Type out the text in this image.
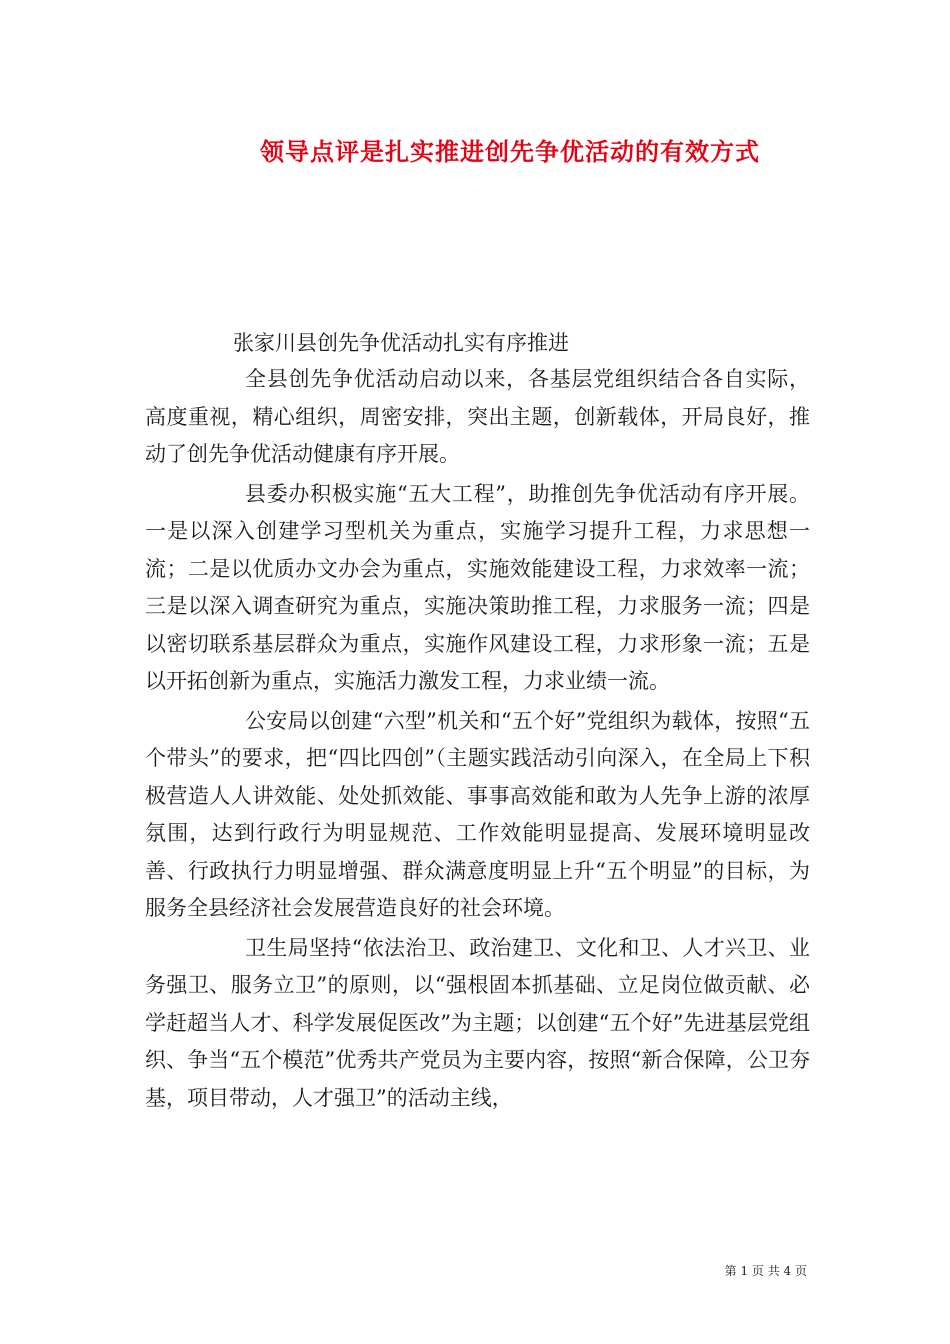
领导点评是扎实推进创先争优活动的有效方式
张家川县创先争优活动扎实有序推进

全县创先争优活动启动以来，各基层党组织结合各自实际，高度重视，精心组织，周密安排，突出主题，创新载体，开局良好，推动了创先争优活动健康有序开展。

县委办积极实施“五大工程”，助推创先争优活动有序开展。一是以深入创建学习型机关为重点，实施学习提升工程，力求思想一流；二是以优质办文办会为重点，实施效能建设工程，力求效率一流；三是以深入调查研究为重点，实施决策助推工程，力求服务一流；四是以密切联系基层群众为重点，实施作风建设工程，力求形象一流；五是以开拓创新为重点，实施活力激发工程，力求业绩一流。

公安局以创建“六型”机关和“五个好”党组织为载体，按照“五个带头”的要求，把“四比四创”（主题实践活动引向深入，在全局上下积极营造人人讲效能、处处抓效能、事事高效能和敢为人先争上游的浓厚氛围，达到行政行为明显规范、工作效能明显提高、发展环境明显改善、行政执行力明显增强、群众满意度明显上升“五个明显”的目标，为服务全县经济社会发展营造良好的社会环境。

卫生局坚持“依法治卫、政治建卫、文化和卫、人才兴卫、业务强卫、服务立卫”的原则，以“强根固本抓基础、立足岗位做贡献、必学赶超当人才、科学发展促医改”为主题；以创建“五个好”先进基层党组织、争当“五个模范”优秀共产党员为主要内容，按照“新合保障，公卫夯基，项目带动，人才强卫”的活动主线，

第 1 页 共 4 页
